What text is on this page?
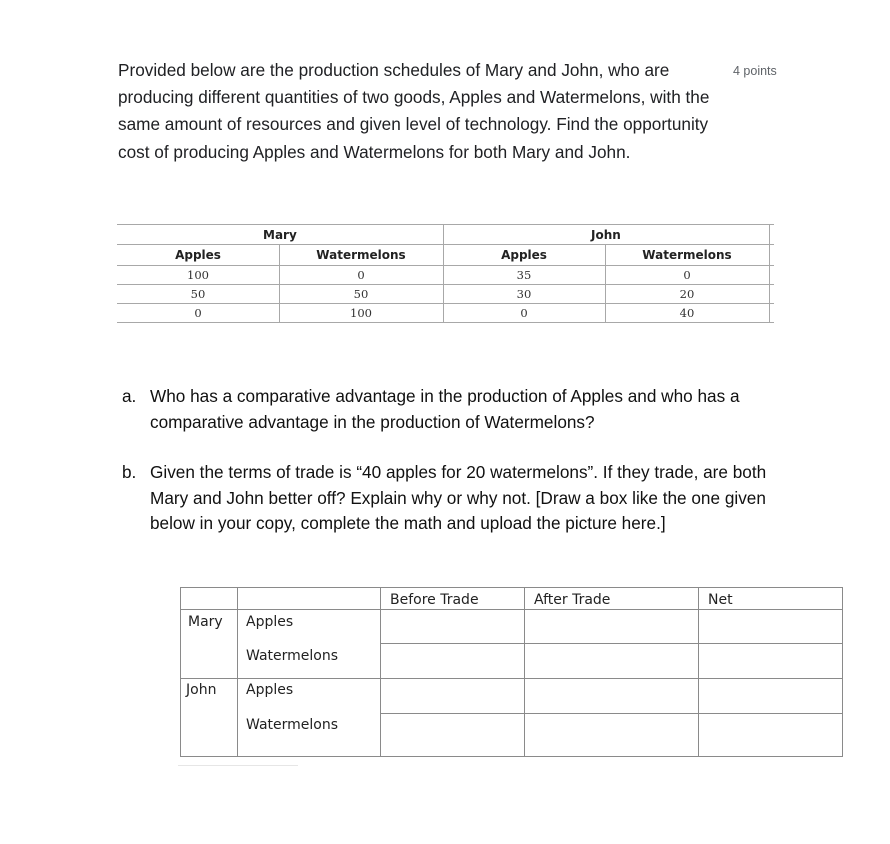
Provided below are the production schedules of Mary and John, who are producing different quantities of two goods, Apples and Watermelons, with the same amount of resources and given level of technology. Find the opportunity cost of producing Apples and Watermelons for both Mary and John.
4 points
Mary	John
Apples	Watermelons	Apples	Watermelons
100	0	35	0
50	50	30	20
0	100	0	40
a. Who has a comparative advantage in the production of Apples and who has a comparative advantage in the production of Watermelons?
b. Given the terms of trade is “40 apples for 20 watermelons”. If they trade, are both Mary and John better off? Explain why or why not. [Draw a box like the one given below in your copy, complete the math and upload the picture here.]
Before Trade	After Trade	Net
Mary Apples
Watermelons
John Apples
Watermelons
